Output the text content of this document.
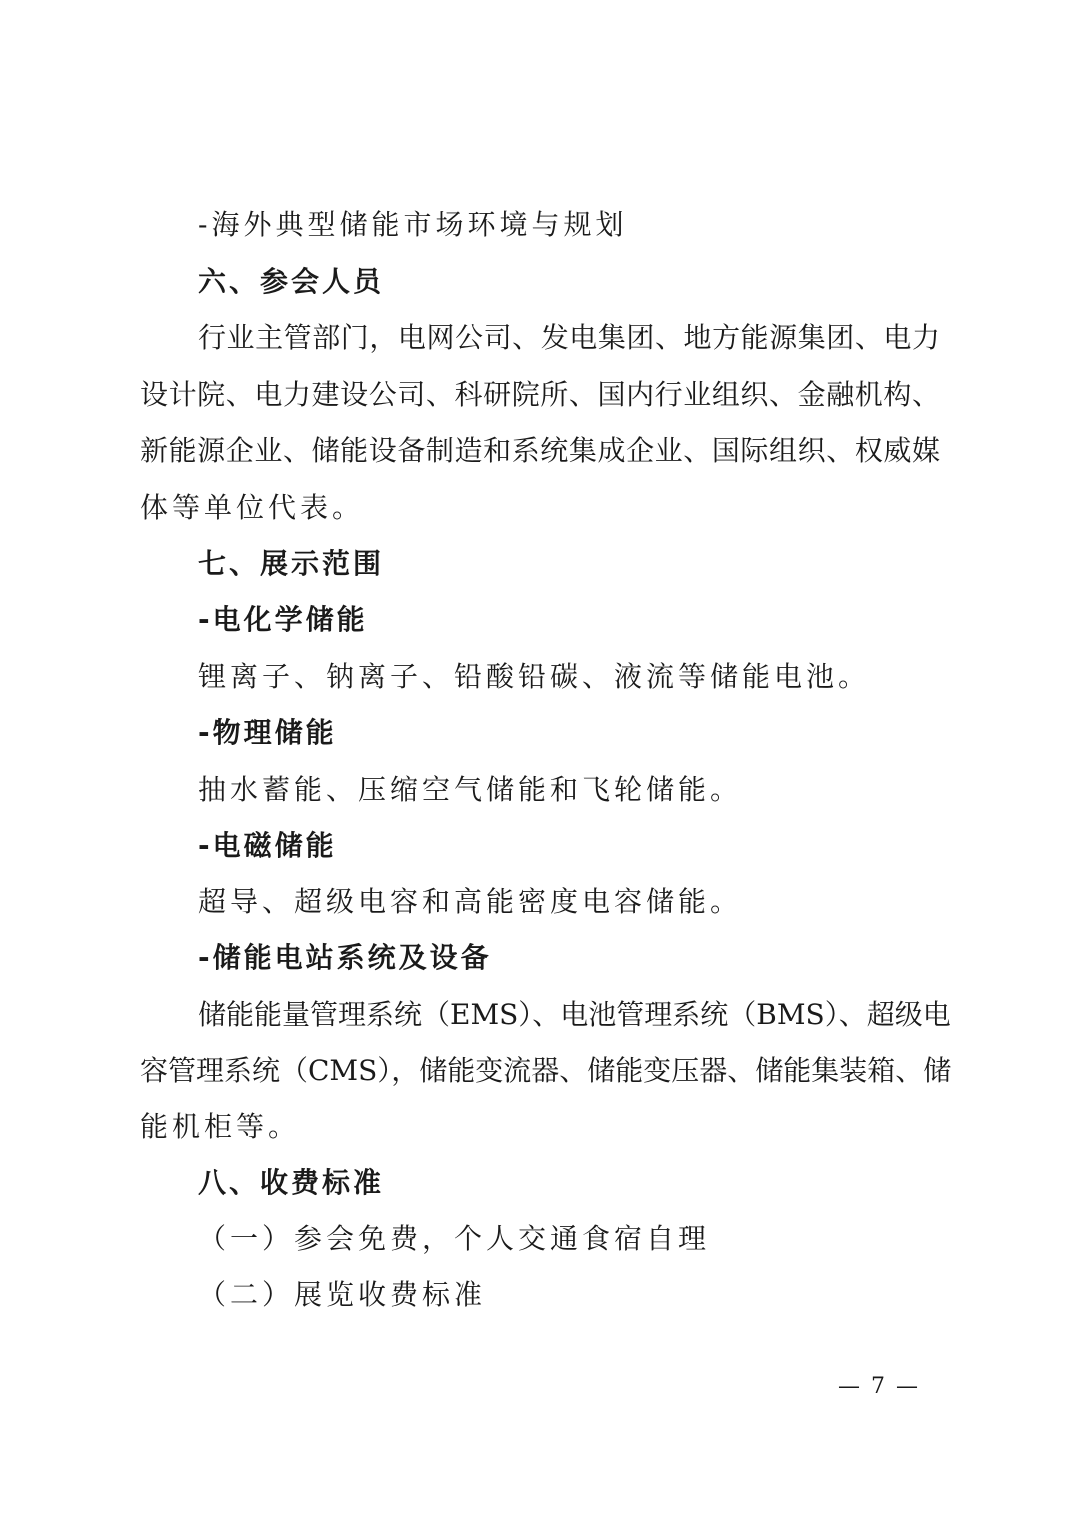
-海外典型储能市场环境与规划
六、参会人员
行业主管部门，电网公司、发电集团、地方能源集团、电力
设计院、电力建设公司、科研院所、国内行业组织、金融机构、
新能源企业、储能设备制造和系统集成企业、国际组织、权威媒
体等单位代表。
七、展示范围
-电化学储能
锂离子、钠离子、铅酸铅碳、液流等储能电池。
-物理储能
抽水蓄能、压缩空气储能和飞轮储能。
-电磁储能
超导、超级电容和高能密度电容储能。
-储能电站系统及设备
储能能量管理系统（EMS）、电池管理系统（BMS）、超级电
容管理系统（CMS），储能变流器、储能变压器、储能集装箱、储
能机柜等。
八、收费标准
（一）参会免费，个人交通食宿自理
（二）展览收费标准
— 7 —
